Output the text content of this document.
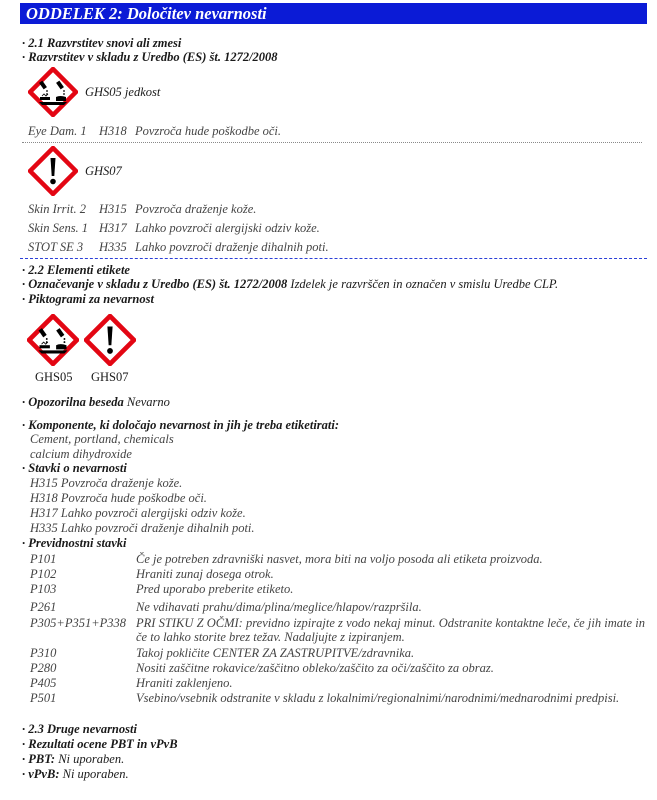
ODDELEK 2: Določitev nevarnosti
· 2.1 Razvrstitev snovi ali zmesi
· Razvrstitev v skladu z Uredbo (ES) št. 1272/2008
GHS05 jedkost
Eye Dam. 1 H318 Povzroča hude poškodbe oči.
GHS07
Skin Irrit. 2 H315 Povzroča draženje kože.
Skin Sens. 1 H317 Lahko povzroči alergijski odziv kože.
STOT SE 3 H335 Lahko povzroči draženje dihalnih poti.
· 2.2 Elementi etikete
· Označevanje v skladu z Uredbo (ES) št. 1272/2008 Izdelek je razvrščen in označen v smislu Uredbe CLP.
· Piktogrami za nevarnost
GHS05 GHS07
· Opozorilna beseda Nevarno
· Komponente, ki določajo nevarnost in jih je treba etiketirati:
Cement, portland, chemicals
calcium dihydroxide
· Stavki o nevarnosti
H315 Povzroča draženje kože.
H318 Povzroča hude poškodbe oči.
H317 Lahko povzroči alergijski odziv kože.
H335 Lahko povzroči draženje dihalnih poti.
· Previdnostni stavki
P101	Če je potreben zdravniški nasvet, mora biti na voljo posoda ali etiketa proizvoda.
P102	Hraniti zunaj dosega otrok.
P103	Pred uporabo preberite etiketo.
P261	Ne vdihavati prahu/dima/plina/meglice/hlapov/razpršila.
P305+P351+P338 PRI STIKU Z OČMI: previdno izpirajte z vodo nekaj minut. Odstranite kontaktne leče, če jih imate in če to lahko storite brez težav. Nadaljujte z izpiranjem.
P310	Takoj pokličite CENTER ZA ZASTRUPITVE/zdravnika.
P280	Nositi zaščitne rokavice/zaščitno obleko/zaščito za oči/zaščito za obraz.
P405	Hraniti zaklenjeno.
P501	Vsebino/vsebnik odstranite v skladu z lokalnimi/regionalnimi/narodnimi/mednarodnimi predpisi.
· 2.3 Druge nevarnosti
· Rezultati ocene PBT in vPvB
· PBT: Ni uporaben.
· vPvB: Ni uporaben.
